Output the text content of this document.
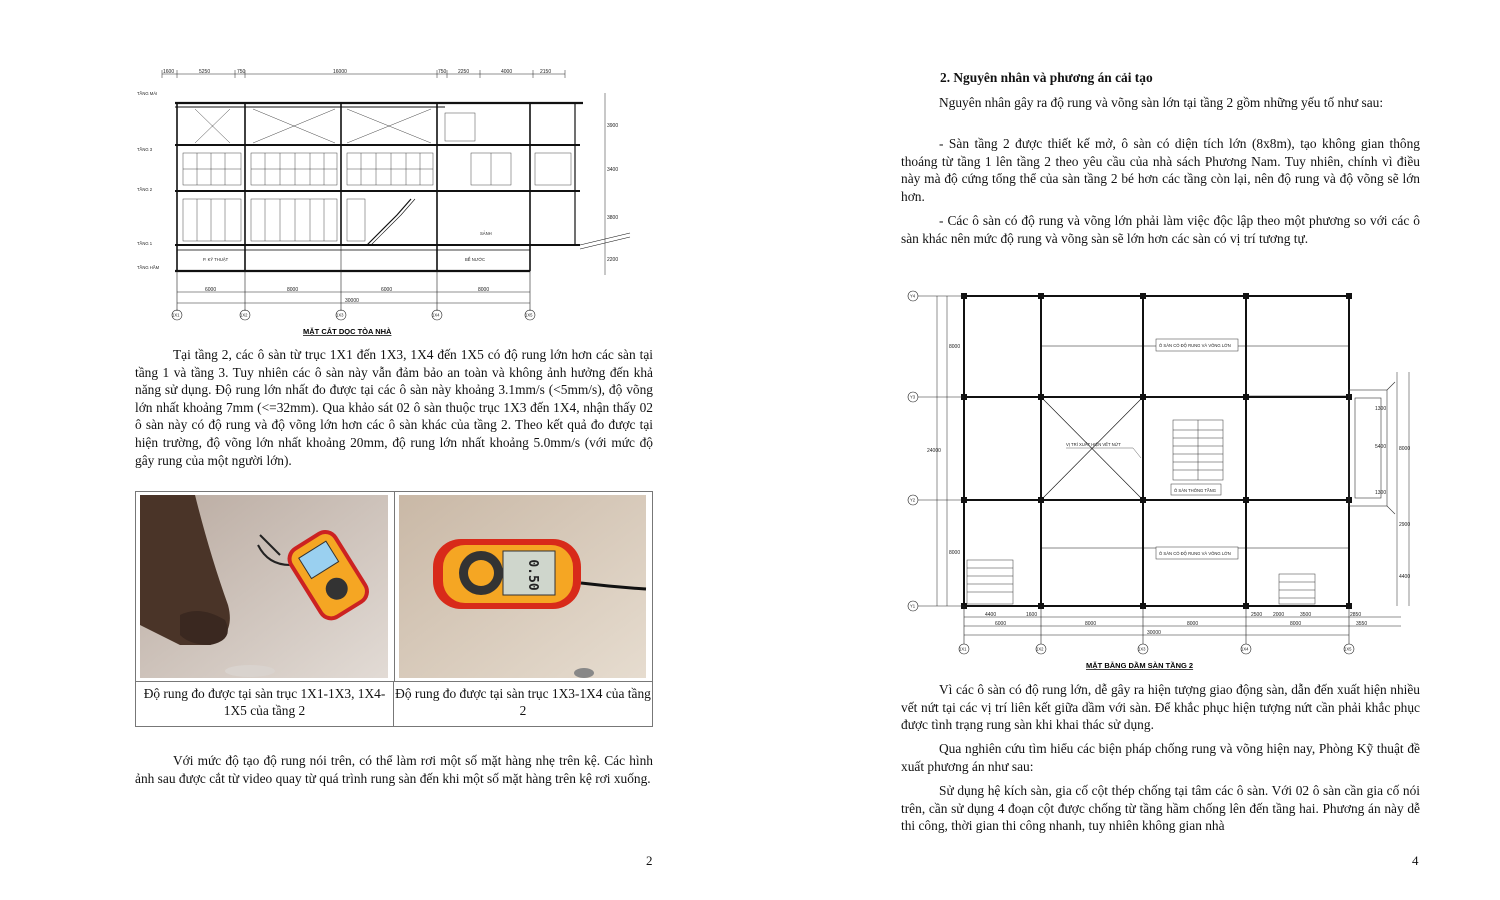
1600	5250	750	16000	750 2250	4000	2150
TẦNG MÁI
TẦNG 3
TẦNG 2
TẦNG 1
TẦNG HẦM
P. KỸ THUẬT	BỂ NƯỚC
SẢNH
3900
3400
3800
2200
6000	8000	6000	8000
30000
1X1	1X2	1X3	1X4	1X5
MẶT CẮT DỌC TÒA NHÀ

Tại tầng 2, các ô sàn từ trục 1X1 đến 1X3, 1X4 đến 1X5 có độ rung lớn hơn các sàn tại tầng 1 và tầng 3. Tuy nhiên các ô sàn này vẫn đảm bảo an toàn và không ảnh hưởng đến khả năng sử dụng. Độ rung lớn nhất đo được tại các ô sàn này khoảng 3.1mm/s (<5mm/s), độ võng lớn nhất khoảng 7mm (<=32mm). Qua khảo sát 02 ô sàn thuộc trục 1X3 đến 1X4, nhận thấy 02 ô sàn này có độ rung và độ võng lớn hơn các ô sàn khác của tầng 2. Theo kết quả đo được tại hiện trường, độ võng lớn nhất khoảng 20mm, độ rung lớn nhất khoảng 5.0mm/s (với mức độ gây rung của một người lớn).

0.50
Độ rung đo được tại sàn trục 1X1-1X3, 1X4-1X5 của tầng 2
Độ rung đo được tại sàn trục 1X3-1X4 của tầng 2

Với mức độ tạo độ rung nói trên, có thể làm rơi một số mặt hàng nhẹ trên kệ. Các hình ảnh sau được cắt từ video quay từ quá trình rung sàn đến khi một số mặt hàng trên kệ rơi xuống.

2

2. Nguyên nhân và phương án cải tạo

Nguyên nhân gây ra độ rung và võng sàn lớn tại tầng 2 gồm những yếu tố như sau:

- Sàn tầng 2 được thiết kế mở, ô sàn có diện tích lớn (8x8m), tạo không gian thông thoáng từ tầng 1 lên tầng 2 theo yêu cầu của nhà sách Phương Nam. Tuy nhiên, chính vì điều này mà độ cứng tổng thể của sàn tầng 2 bé hơn các tầng còn lại, nên độ rung và độ võng sẽ lớn hơn.

- Các ô sàn có độ rung và võng lớn phải làm việc độc lập theo một phương so với các ô sàn khác nên mức độ rung và võng sàn sẽ lớn hơn các sàn có vị trí tương tự.

Ô SÀN CÓ ĐỘ RUNG VÀ VÕNG LỚN
Ô SÀN CÓ ĐỘ RUNG VÀ VÕNG LỚN
VỊ TRÍ XUẤT HIỆN VẾT NỨT
Ô SÀN THÔNG TẦNG
Y4
Y3
Y2
Y1
8000
24000
8000
1300
5400
1300
8000
2900
4400
4400	1600	2500 2000	3500	2850
6000	8000	8000	8000	3550
30000
1X1	1X2	1X3	1X4	1X5
MẶT BẰNG DẦM SÀN TẦNG 2

Vì các ô sàn có độ rung lớn, dễ gây ra hiện tượng giao động sàn, dẫn đến xuất hiện nhiều vết nứt tại các vị trí liên kết giữa dầm với sàn. Để khắc phục hiện tượng nứt cần phải khắc phục được tình trạng rung sàn khi khai thác sử dụng.

Qua nghiên cứu tìm hiểu các biện pháp chống rung và võng hiện nay, Phòng Kỹ thuật đề xuất phương án như sau:

Sử dụng hệ kích sàn, gia cố cột thép chống tại tâm các ô sàn. Với 02 ô sàn cần gia cố nói trên, cần sử dụng 4 đoạn cột được chống từ tầng hầm chống lên đến tầng hai. Phương án này dễ thi công, thời gian thi công nhanh, tuy nhiên không gian nhà

4
